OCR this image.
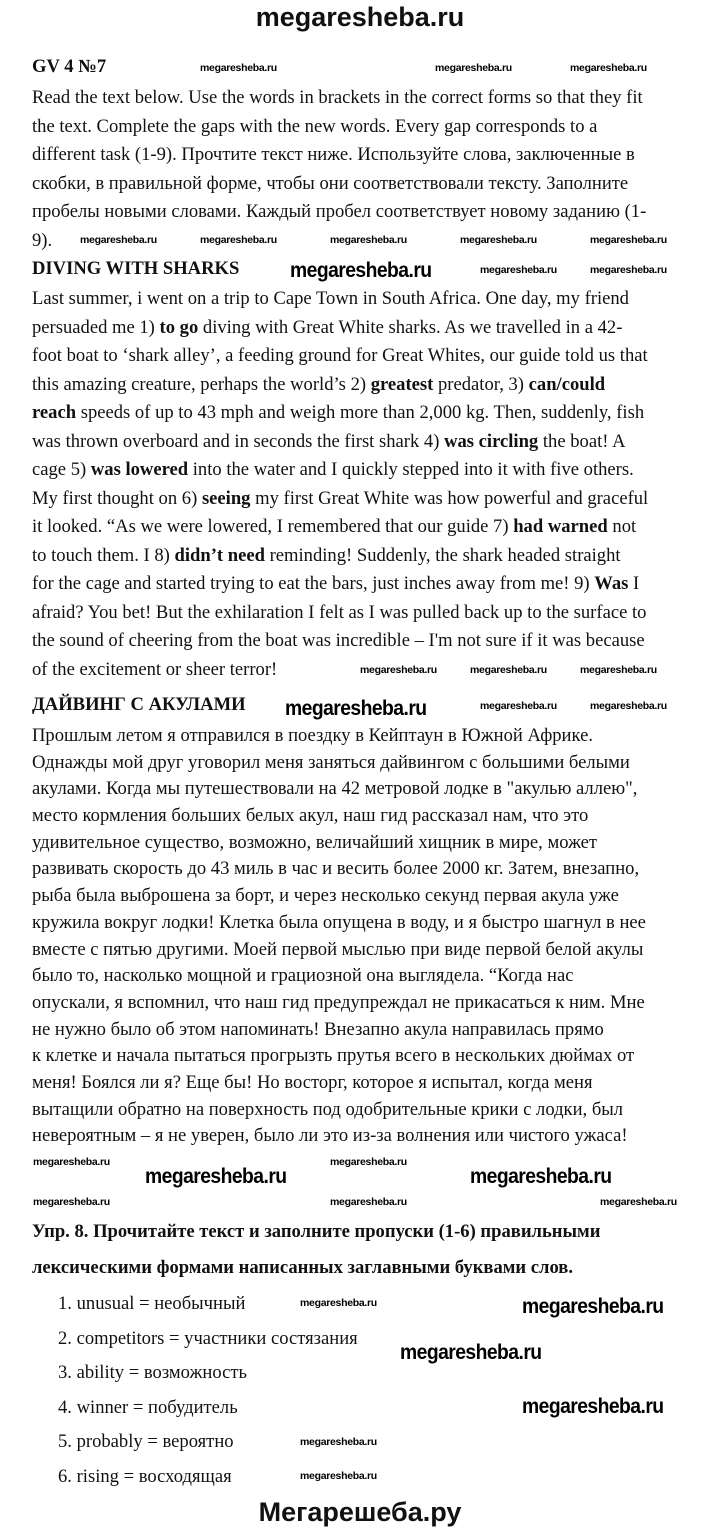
megaresheba.ru
GV 4 №7
Read the text below. Use the words in brackets in the correct forms so that they fit
the text. Complete the gaps with the new words. Every gap corresponds to a
different task (1-9). Прочтите текст ниже. Используйте слова, заключенные в
скобки, в правильной форме, чтобы они соответствовали тексту. Заполните
пробелы новыми словами. Каждый пробел соответствует новому заданию (1-
9).
DIVING WITH SHARKS
Last summer, i went on a trip to Cape Town in South Africa. One day, my friend
persuaded me 1) to go diving with Great White sharks. As we travelled in a 42-
foot boat to ‘shark alley’, a feeding ground for Great Whites, our guide told us that
this amazing creature, perhaps the world’s 2) greatest predator, 3) can/could
reach speeds of up to 43 mph and weigh more than 2,000 kg. Then, suddenly, fish
was thrown overboard and in seconds the first shark 4) was circling the boat! A
cage 5) was lowered into the water and I quickly stepped into it with five others.
My first thought on 6) seeing my first Great White was how powerful and graceful
it looked. “As we were lowered, I remembered that our guide 7) had warned not
to touch them. I 8) didn’t need reminding! Suddenly, the shark headed straight
for the cage and started trying to eat the bars, just inches away from me! 9) Was I
afraid? You bet! But the exhilaration I felt as I was pulled back up to the surface to
the sound of cheering from the boat was incredible – I'm not sure if it was because
of the excitement or sheer terror!
ДАЙВИНГ С АКУЛАМИ
Прошлым летом я отправился в поездку в Кейптаун в Южной Африке.
Однажды мой друг уговорил меня заняться дайвингом с большими белыми
акулами. Когда мы путешествовали на 42 метровой лодке в "акулью аллею",
место кормления больших белых акул, наш гид рассказал нам, что это
удивительное существо, возможно, величайший хищник в мире, может
развивать скорость до 43 миль в час и весить более 2000 кг. Затем, внезапно,
рыба была выброшена за борт, и через несколько секунд первая акула уже
кружила вокруг лодки! Клетка была опущена в воду, и я быстро шагнул в нее
вместе с пятью другими. Моей первой мыслью при виде первой белой акулы
было то, насколько мощной и грациозной она выглядела. “Когда нас
опускали, я вспомнил, что наш гид предупреждал не прикасаться к ним. Мне
не нужно было об этом напоминать! Внезапно акула направилась прямо
к клетке и начала пытаться прогрызть прутья всего в нескольких дюймах от
меня! Боялся ли я? Еще бы! Но восторг, которое я испытал, когда меня
вытащили обратно на поверхность под одобрительные крики с лодки, был
невероятным – я не уверен, было ли это из-за волнения или чистого ужаса!
Упр. 8. Прочитайте текст и заполните пропуски (1-6) правильными
лексическими формами написанных заглавными буквами слов.
1. unusual = необычный
2. competitors = участники состязания
3. ability = возможность
4. winner = побудитель
5. probably = вероятно
6. rising = восходящая
Мегарешеба.ру
megaresheba.ru	megaresheba.ru	megaresheba.ru
megaresheba.ru	megaresheba.ru	megaresheba.ru	megaresheba.ru	megaresheba.ru
megaresheba.ru	megaresheba.ru
megaresheba.ru	megaresheba.ru	megaresheba.ru
megaresheba.ru	megaresheba.ru
megaresheba.ru
megaresheba.ru
megaresheba.ru
megaresheba.ru	megaresheba.ru
megaresheba.ru
megaresheba.ru
megaresheba.ru
megaresheba.ru
megaresheba.ru
megaresheba.ru	megaresheba.ru
megaresheba.ru
megaresheba.ru
megaresheba.ru
